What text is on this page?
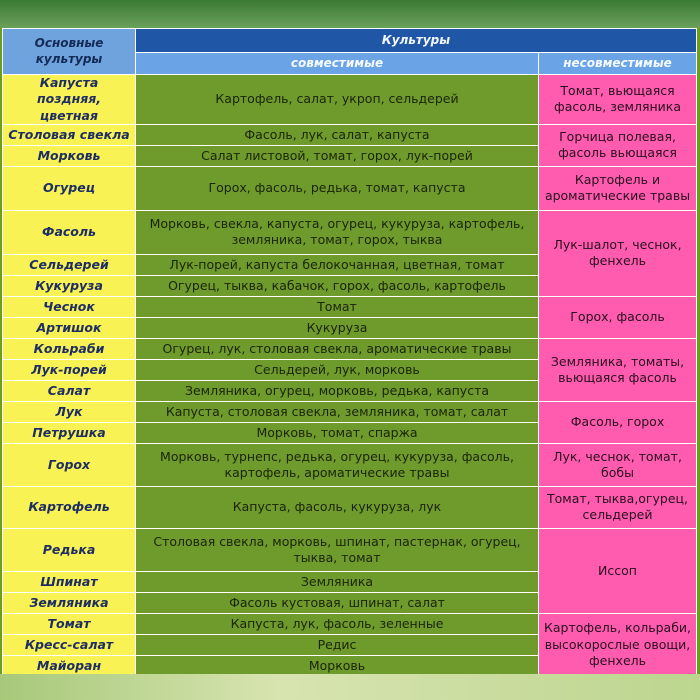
Основные культуры	Культуры	
	совместимые	несовместимые
Капуста поздняя, цветная	Картофель, салат, укроп, сельдерей	Томат, вьющаяся фасоль, земляника
Столовая свекла	Фасоль, лук, салат, капуста	Горчица полевая, фасоль вьющаяся
Морковь	Салат листовой, томат, горох, лук-порей	
Огурец	Горох, фасоль, редька, томат, капуста	Картофель и ароматические травы
Фасоль	Морковь, свекла, капуста, огурец, кукуруза, картофель, земляника, томат, горох, тыква	Лук-шалот, чеснок, фенхель
Сельдерей	Лук-порей, капуста белокочанная, цветная, томат	
Кукуруза	Огурец, тыква, кабачок, горох, фасоль, картофель	
Чеснок	Томат	Горох, фасоль
Артишок	Кукуруза	
Кольраби	Огурец, лук, столовая свекла, ароматические травы	Земляника, томаты, вьющаяся фасоль
Лук-порей	Сельдерей, лук, морковь	
Салат	Земляника, огурец, морковь, редька, капуста	
Лук	Капуста, столовая свекла, земляника, томат, салат	Фасоль, горох
Петрушка	Морковь, томат, спаржа	
Горох	Морковь, турнепс, редька, огурец, кукуруза, фасоль, картофель, ароматические травы	Лук, чеснок, томат, бобы
Картофель	Капуста, фасоль, кукуруза, лук	Томат, тыква,огурец, сельдерей
Редька	Столовая свекла, морковь, шпинат, пастернак, огурец, тыква, томат	Иссоп
Шпинат	Земляника	
Земляника	Фасоль кустовая, шпинат, салат	
Томат	Капуста, лук, фасоль, зеленные	Картофель, кольраби, высокорослые овощи, фенхель
Кресс-салат	Редис	
Майоран	Морковь	
